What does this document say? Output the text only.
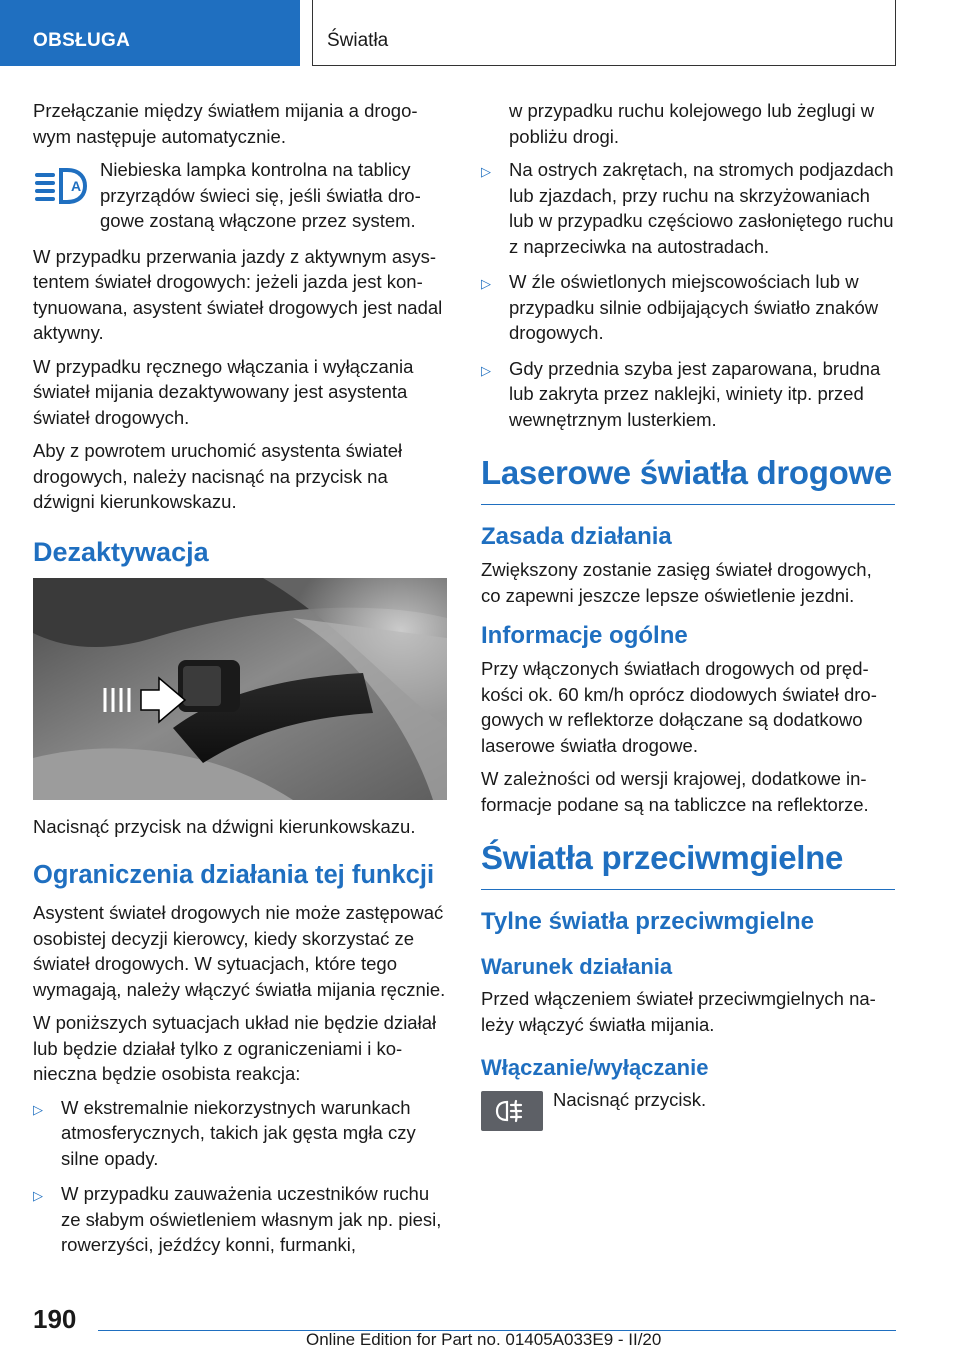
OBSŁUGA	Światła

Przełączanie między światłem mijania a drogowym następuje automatycznie.

A

Niebieska lampka kontrolna na tablicy przyrządów świeci się, jeśli światła drogowe zostaną włączone przez system.

W przypadku przerwania jazdy z aktywnym asystentem świateł drogowych: jeżeli jazda jest kontynuowana, asystent świateł drogowych jest nadal aktywny.

W przypadku ręcznego włączania i wyłączania świateł mijania dezaktywowany jest asystenta świateł drogowych.

Aby z powrotem uruchomić asystenta świateł drogowych, należy nacisnąć na przycisk na dźwigni kierunkowskazu.

Dezaktywacja

Nacisnąć przycisk na dźwigni kierunkowskazu.

Ograniczenia działania tej funkcji

Asystent świateł drogowych nie może zastępować osobistej decyzji kierowcy, kiedy skorzystać ze świateł drogowych. W sytuacjach, które tego wymagają, należy włączyć światła mijania ręcznie.

W poniższych sytuacjach układ nie będzie działał lub będzie działał tylko z ograniczeniami i konieczna będzie osobista reakcja:

▷ W ekstremalnie niekorzystnych warunkach atmosferycznych, takich jak gęsta mgła czy silne opady.
▷ W przypadku zauważenia uczestników ruchu ze słabym oświetleniem własnym jak np. piesi, rowerzyści, jeźdźcy konni, furmanki,

w przypadku ruchu kolejowego lub żeglugi w pobliżu drogi.

▷ Na ostrych zakrętach, na stromych podjazdach lub zjazdach, przy ruchu na skrzyżowaniach lub w przypadku częściowo zasłoniętego ruchu z naprzeciwka na autostradach.
▷ W źle oświetlonych miejscowościach lub w przypadku silnie odbijających światło znaków drogowych.
▷ Gdy przednia szyba jest zaparowana, brudna lub zakryta przez naklejki, winiety itp. przed wewnętrznym lusterkiem.
Laserowe światła drogowe
Zasada działania

Zwiększony zostanie zasięg świateł drogowych, co zapewni jeszcze lepsze oświetlenie jezdni.

Informacje ogólne

Przy włączonych światłach drogowych od prędkości ok. 60 km/h oprócz diodowych świateł drogowych w reflektorze dołączane są dodatkowo laserowe światła drogowe.

W zależności od wersji krajowej, dodatkowe informacje podane są na tabliczce na reflektorze.

Światła przeciwmgielne
Tylne światła przeciwmgielne
Warunek działania

Przed włączeniem świateł przeciwmgielnych należy włączyć światła mijania.

Włączanie/wyłączanie

Nacisnąć przycisk.

190
Online Edition for Part no. 01405A033E9 - II/20
